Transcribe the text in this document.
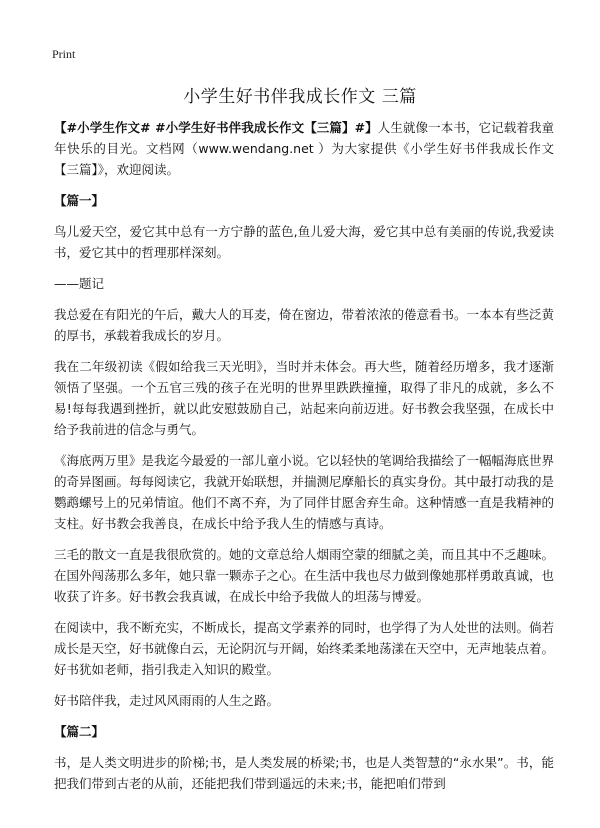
Print
小学生好书伴我成长作文 三篇

【#小学生作文# #小学生好书伴我成长作文【三篇】#】人生就像一本书，它记载着我童年快乐的目光。文档网（www.wendang.net ）为大家提供《小学生好书伴我成长作文【三篇】》，欢迎阅读。

【篇一】

鸟儿爱天空，爱它其中总有一方宁静的蓝色,鱼儿爱大海，爱它其中总有美丽的传说,我爱读书，爱它其中的哲理那样深刻。

——题记

我总爱在有阳光的午后，戴大人的耳麦，倚在窗边，带着浓浓的倦意看书。一本本有些泛黄的厚书，承载着我成长的岁月。

我在二年级初读《假如给我三天光明》，当时并未体会。再大些，随着经历增多，我才逐渐领悟了坚强。一个五官三残的孩子在光明的世界里跌跌撞撞，取得了非凡的成就，多么不易!每每我遇到挫折，就以此安慰鼓励自己，站起来向前迈进。好书教会我坚强，在成长中给予我前进的信念与勇气。

《海底两万里》是我迄今最爱的一部儿童小说。它以轻快的笔调给我描绘了一幅幅海底世界的奇异图画。每每阅读它，我就开始联想，并揣测尼摩船长的真实身份。其中最打动我的是鹦鹉螺号上的兄弟情谊。他们不离不弃，为了同伴甘愿舍弃生命。这种情感一直是我精神的支柱。好书教会我善良，在成长中给予我人生的情感与真诗。

三毛的散文一直是我很欣赏的。她的文章总给人烟雨空蒙的细腻之美，而且其中不乏趣味。在国外闯荡那么多年，她只靠一颗赤子之心。在生活中我也尽力做到像她那样勇敢真诚，也收获了许多。好书教会我真诚，在成长中给予我做人的坦荡与博爱。

在阅读中，我不断充实，不断成长，提高文学素养的同时，也学得了为人处世的法则。倘若成长是天空，好书就像白云，无论阴沉与开阔，始终柔柔地荡漾在天空中，无声地装点着。好书犹如老师，指引我走入知识的殿堂。

好书陪伴我，走过风风雨雨的人生之路。

【篇二】

书，是人类文明进步的阶梯;书，是人类发展的桥梁;书，也是人类智慧的“永水果”。书，能把我们带到古老的从前，还能把我们带到遥远的未来;书，能把咱们带到
